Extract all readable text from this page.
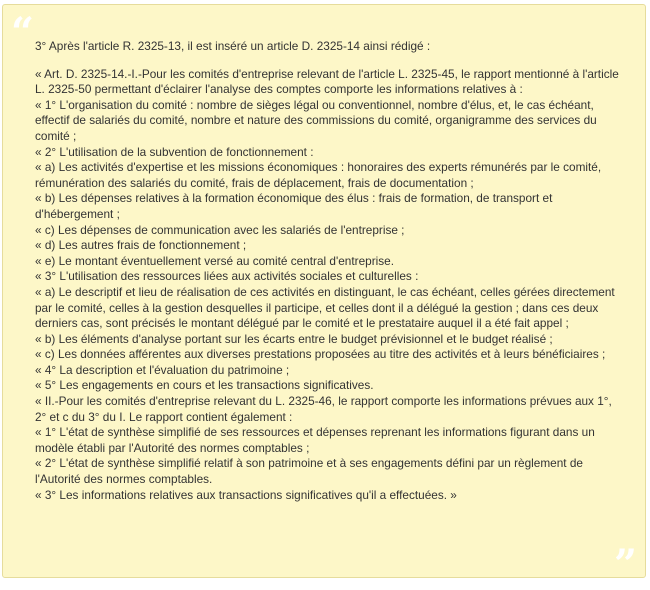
“
”

3° Après l'article R. 2325-13, il est inséré un article D. 2325-14 ainsi rédigé :

« Art. D. 2325-14.-I.-Pour les comités d'entreprise relevant de l'article L. 2325-45, le rapport mentionné à l'article L. 2325-50 permettant d'éclairer l'analyse des comptes comporte les informations relatives à :

« 1° L'organisation du comité : nombre de sièges légal ou conventionnel, nombre d'élus, et, le cas échéant, effectif de salariés du comité, nombre et nature des commissions du comité, organigramme des services du comité ;

« 2° L'utilisation de la subvention de fonctionnement :

« a) Les activités d'expertise et les missions économiques : honoraires des experts rémunérés par le comité, rémunération des salariés du comité, frais de déplacement, frais de documentation ;

« b) Les dépenses relatives à la formation économique des élus : frais de formation, de transport et d'hébergement ;

« c) Les dépenses de communication avec les salariés de l'entreprise ;

« d) Les autres frais de fonctionnement ;

« e) Le montant éventuellement versé au comité central d'entreprise.

« 3° L'utilisation des ressources liées aux activités sociales et culturelles :

« a) Le descriptif et lieu de réalisation de ces activités en distinguant, le cas échéant, celles gérées directement par le comité, celles à la gestion desquelles il participe, et celles dont il a délégué la gestion ; dans ces deux derniers cas, sont précisés le montant délégué par le comité et le prestataire auquel il a été fait appel ;

« b) Les éléments d'analyse portant sur les écarts entre le budget prévisionnel et le budget réalisé ;

« c) Les données afférentes aux diverses prestations proposées au titre des activités et à leurs bénéficiaires ;

« 4° La description et l'évaluation du patrimoine ;

« 5° Les engagements en cours et les transactions significatives.

« II.-Pour les comités d'entreprise relevant du L. 2325-46, le rapport comporte les informations prévues aux 1°, 2° et c du 3° du I. Le rapport contient également :

« 1° L'état de synthèse simplifié de ses ressources et dépenses reprenant les informations figurant dans un modèle établi par l'Autorité des normes comptables ;

« 2° L'état de synthèse simplifié relatif à son patrimoine et à ses engagements défini par un règlement de l'Autorité des normes comptables.

« 3° Les informations relatives aux transactions significatives qu'il a effectuées. »
